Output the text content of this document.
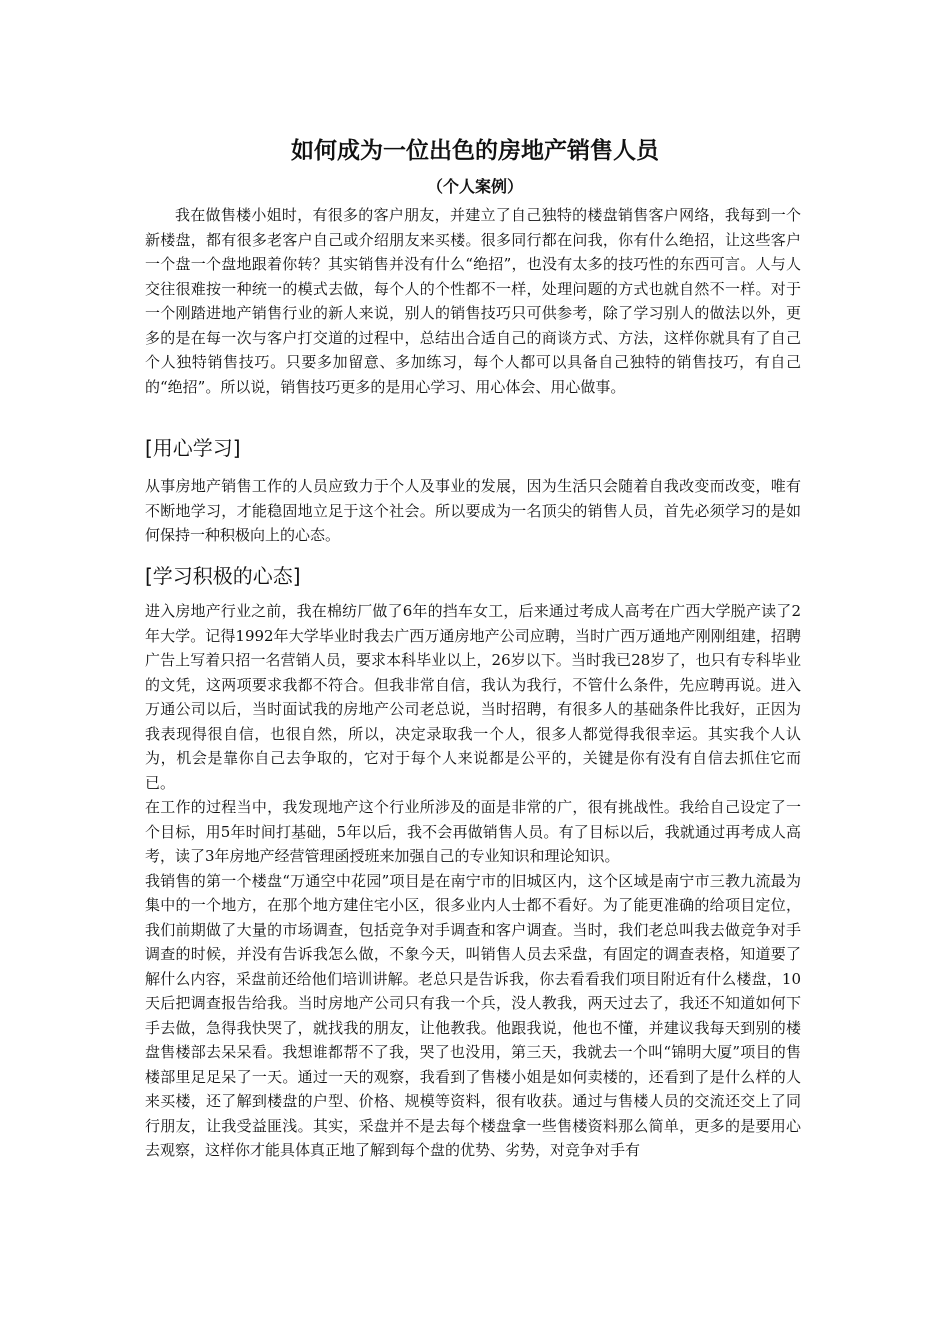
如何成为一位出色的房地产销售人员
（个人案例）

我在做售楼小姐时，有很多的客户朋友，并建立了自己独特的楼盘销售客户网络，我每到一个新楼盘，都有很多老客户自己或介绍朋友来买楼。很多同行都在问我，你有什么绝招，让这些客户一个盘一个盘地跟着你转？其实销售并没有什么“绝招”，也没有太多的技巧性的东西可言。人与人交往很难按一种统一的模式去做，每个人的个性都不一样，处理问题的方式也就自然不一样。对于一个刚踏进地产销售行业的新人来说，别人的销售技巧只可供参考，除了学习别人的做法以外，更多的是在每一次与客户打交道的过程中，总结出合适自己的商谈方式、方法，这样你就具有了自己个人独特销售技巧。只要多加留意、多加练习，每个人都可以具备自己独特的销售技巧，有自己的“绝招”。所以说，销售技巧更多的是用心学习、用心体会、用心做事。

[用心学习]

从事房地产销售工作的人员应致力于个人及事业的发展，因为生活只会随着自我改变而改变，唯有不断地学习，才能稳固地立足于这个社会。所以要成为一名顶尖的销售人员，首先必须学习的是如何保持一种积极向上的心态。

[学习积极的心态]

进入房地产行业之前，我在棉纺厂做了6年的挡车女工，后来通过考成人高考在广西大学脱产读了2年大学。记得1992年大学毕业时我去广西万通房地产公司应聘，当时广西万通地产刚刚组建，招聘广告上写着只招一名营销人员，要求本科毕业以上，26岁以下。当时我已28岁了，也只有专科毕业的文凭，这两项要求我都不符合。但我非常自信，我认为我行，不管什么条件，先应聘再说。进入万通公司以后，当时面试我的房地产公司老总说，当时招聘，有很多人的基础条件比我好，正因为我表现得很自信，也很自然，所以，决定录取我一个人，很多人都觉得我很幸运。其实我个人认为，机会是靠你自己去争取的，它对于每个人来说都是公平的，关键是你有没有自信去抓住它而已。

在工作的过程当中，我发现地产这个行业所涉及的面是非常的广，很有挑战性。我给自己设定了一个目标，用5年时间打基础，5年以后，我不会再做销售人员。有了目标以后，我就通过再考成人高考，读了3年房地产经营管理函授班来加强自己的专业知识和理论知识。

我销售的第一个楼盘“万通空中花园”项目是在南宁市的旧城区内，这个区域是南宁市三教九流最为集中的一个地方，在那个地方建住宅小区，很多业内人士都不看好。为了能更准确的给项目定位，我们前期做了大量的市场调查，包括竞争对手调查和客户调查。当时，我们老总叫我去做竞争对手调查的时候，并没有告诉我怎么做，不象今天，叫销售人员去采盘，有固定的调查表格，知道要了解什么内容，采盘前还给他们培训讲解。老总只是告诉我，你去看看我们项目附近有什么楼盘，10天后把调查报告给我。当时房地产公司只有我一个兵，没人教我，两天过去了，我还不知道如何下手去做，急得我快哭了，就找我的朋友，让他教我。他跟我说，他也不懂，并建议我每天到别的楼盘售楼部去呆呆看。我想谁都帮不了我，哭了也没用，第三天，我就去一个叫“锦明大厦”项目的售楼部里足足呆了一天。通过一天的观察，我看到了售楼小姐是如何卖楼的，还看到了是什么样的人来买楼，还了解到楼盘的户型、价格、规模等资料，很有收获。通过与售楼人员的交流还交上了同行朋友，让我受益匪浅。其实，采盘并不是去每个楼盘拿一些售楼资料那么简单，更多的是要用心去观察，这样你才能具体真正地了解到每个盘的优势、劣势，对竞争对手有
